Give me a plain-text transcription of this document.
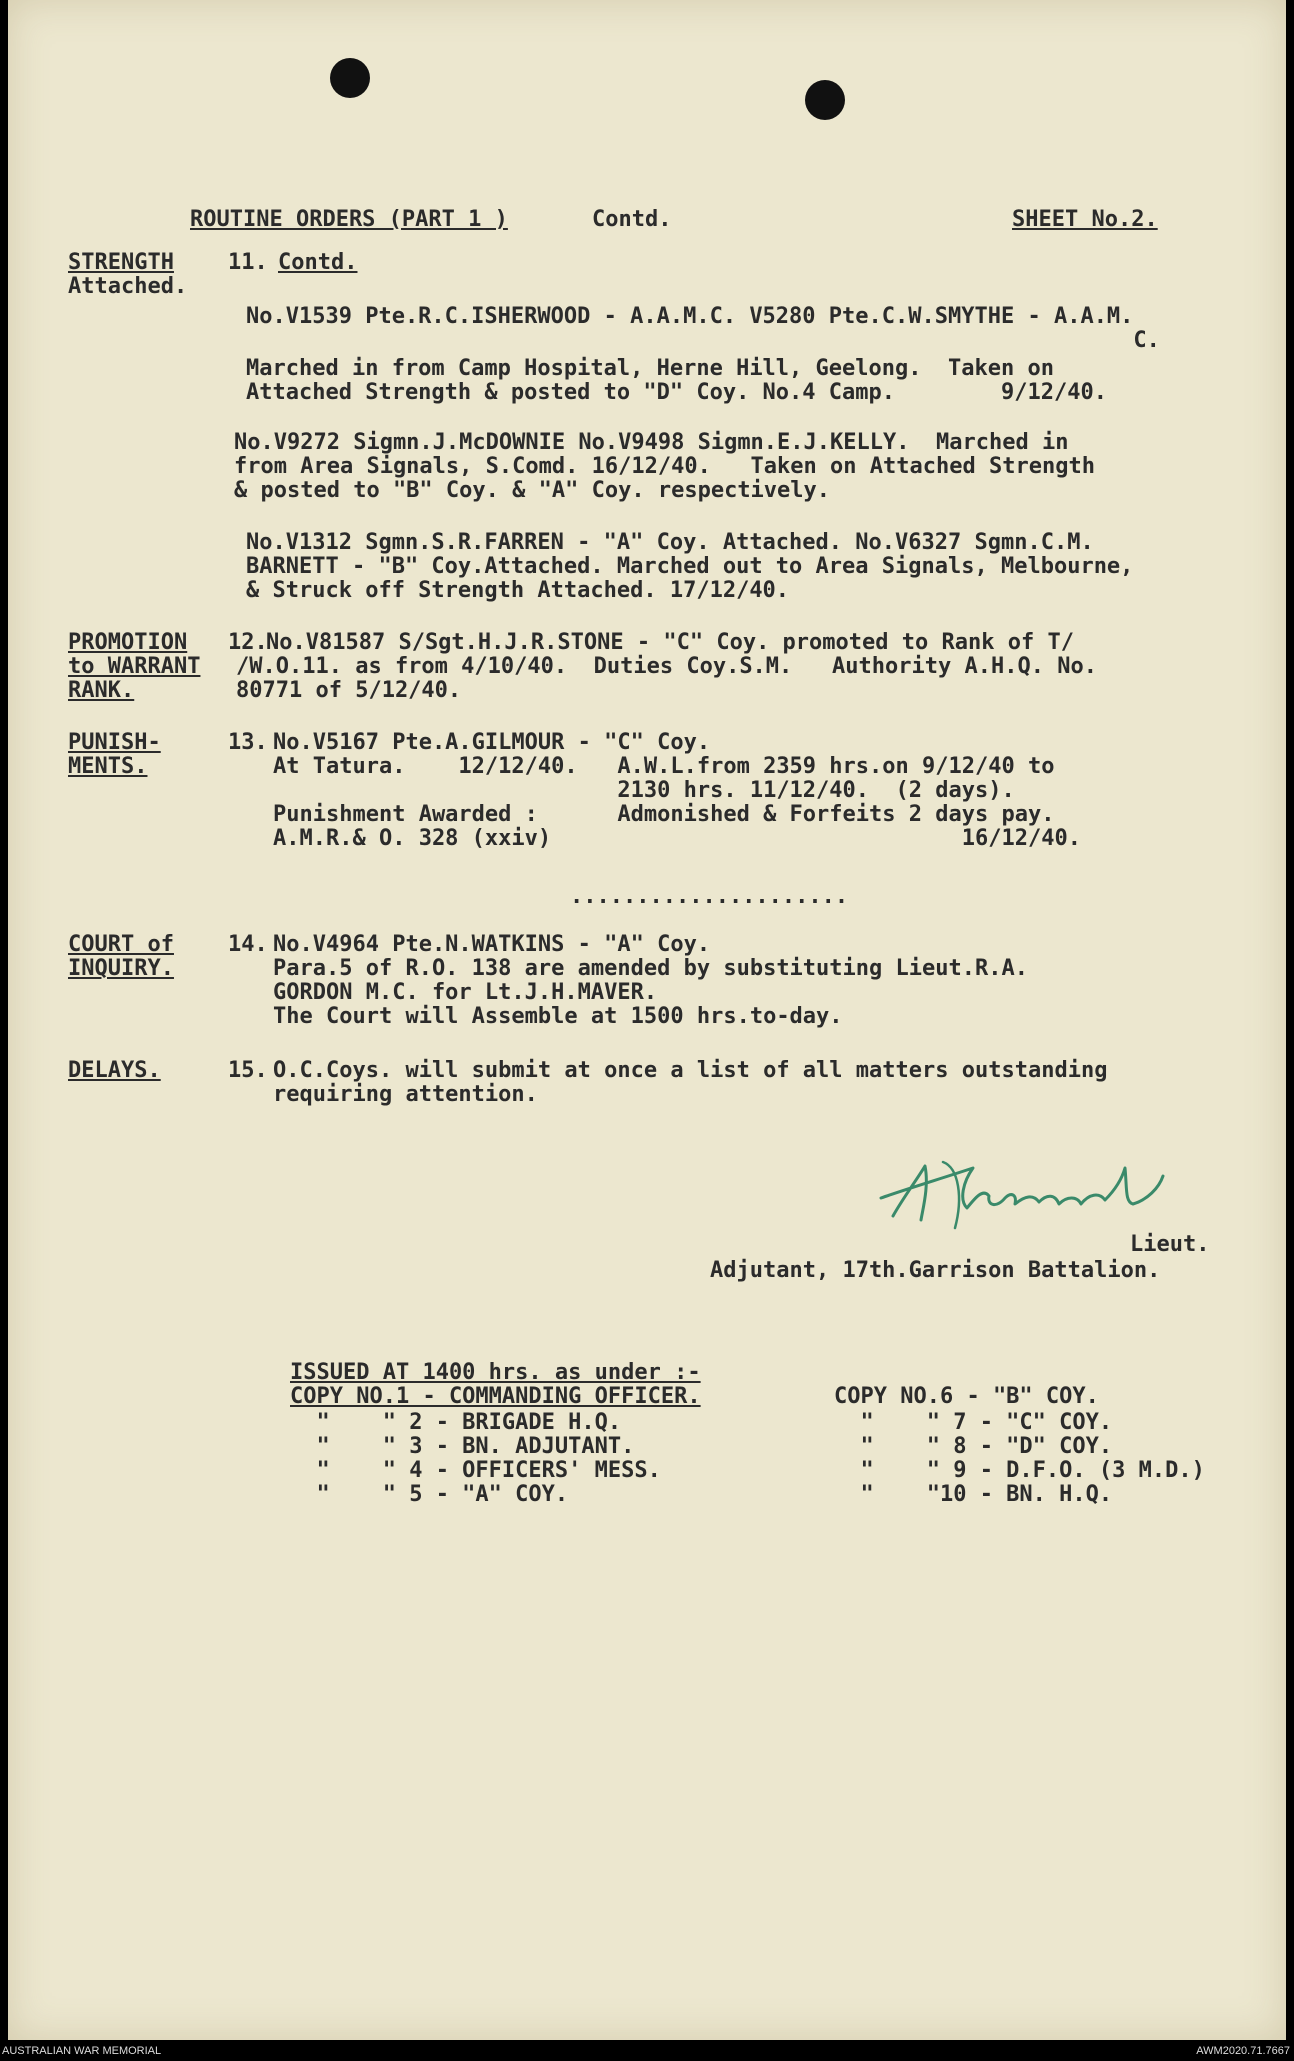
ROUTINE ORDERS (PART 1 )	Contd.	SHEET No.2.
STRENGTH
Attached.
11. Contd.
No.V1539 Pte.R.C.ISHERWOOD - A.A.M.C. V5280 Pte.C.W.SMYTHE - A.A.M.
C.
Marched in from Camp Hospital, Herne Hill, Geelong.  Taken on
Attached Strength & posted to "D" Coy. No.4 Camp.        9/12/40.
No.V9272 Sigmn.J.McDOWNIE No.V9498 Sigmn.E.J.KELLY.  Marched in
from Area Signals, S.Comd. 16/12/40.   Taken on Attached Strength
& posted to "B" Coy. & "A" Coy. respectively.
No.V1312 Sgmn.S.R.FARREN - "A" Coy. Attached. No.V6327 Sgmn.C.M.
BARNETT - "B" Coy.Attached. Marched out to Area Signals, Melbourne,
& Struck off Strength Attached. 17/12/40.
PROMOTION
to WARRANT
RANK.
12.
No.V81587 S/Sgt.H.J.R.STONE - "C" Coy. promoted to Rank of T/
/W.O.11. as from 4/10/40.  Duties Coy.S.M.   Authority A.H.Q. No.
80771 of 5/12/40.
PUNISH-
MENTS.
13. No.V5167 Pte.A.GILMOUR - "C" Coy.
At Tatura.    12/12/40.   A.W.L.from 2359 hrs.on 9/12/40 to
2130 hrs. 11/12/40.  (2 days).
Punishment Awarded :      Admonished & Forfeits 2 days pay.
A.M.R.& O. 328 (xxiv)                               16/12/40.
.....................
COURT of
INQUIRY.
14. No.V4964 Pte.N.WATKINS - "A" Coy.
Para.5 of R.O. 138 are amended by substituting Lieut.R.A.
GORDON M.C. for Lt.J.H.MAVER.
The Court will Assemble at 1500 hrs.to-day.
DELAYS.	15. O.C.Coys. will submit at once a list of all matters outstanding
requiring attention.
Lieut.
Adjutant, 17th.Garrison Battalion.
ISSUED AT 1400 hrs. as under :-
COPY NO.1 - COMMANDING OFFICER.
"    " 2 - BRIGADE H.Q.
"    " 3 - BN. ADJUTANT.
"    " 4 - OFFICERS' MESS.
"    " 5 - "A" COY.
COPY NO.6 - "B" COY.
"    " 7 - "C" COY.
"    " 8 - "D" COY.
"    " 9 - D.F.O. (3 M.D.)
"    "10 - BN. H.Q.
AUSTRALIAN WAR MEMORIAL	AWM2020.71.7667
